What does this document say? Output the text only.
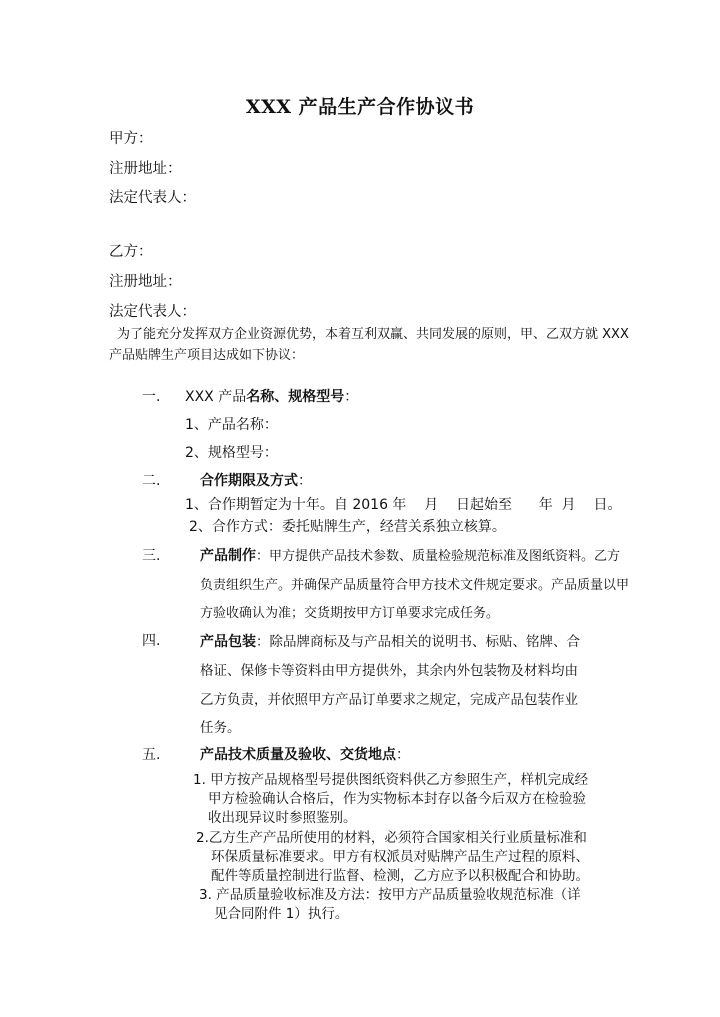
XXX 产品生产合作协议书
甲方：
注册地址：
法定代表人：
乙方：
注册地址：
法定代表人：
为了能充分发挥双方企业资源优势，本着互利双赢、共同发展的原则，甲、乙双方就 XXX
产品贴牌生产项目达成如下协议：
一. XXX 产品名称、规格型号：
1、产品名称：
2、规格型号：
二.	合作期限及方式：
1、合作期暂定为十年。自 2016 年    月    日起始至      年  月    日。
2、合作方式：委托贴牌生产，经营关系独立核算。
三.	产品制作：甲方提供产品技术参数、质量检验规范标准及图纸资料。乙方
负责组织生产。并确保产品质量符合甲方技术文件规定要求。产品质量以甲
方验收确认为准；交货期按甲方订单要求完成任务。
四.	产品包装：除品牌商标及与产品相关的说明书、标贴、铭牌、合
格证、保修卡等资料由甲方提供外，其余内外包装物及材料均由
乙方负责，并依照甲方产品订单要求之规定，完成产品包装作业
任务。
五.	产品技术质量及验收、交货地点：
1. 甲方按产品规格型号提供图纸资料供乙方参照生产，样机完成经
甲方检验确认合格后，作为实物标本封存以备今后双方在检验验
收出现异议时参照鉴别。
2.乙方生产产品所使用的材料，必须符合国家相关行业质量标准和
环保质量标准要求。甲方有权派员对贴牌产品生产过程的原料、
配件等质量控制进行监督、检测，乙方应予以积极配合和协助。
3. 产品质量验收标准及方法：按甲方产品质量验收规范标准（详
见合同附件 1）执行。
